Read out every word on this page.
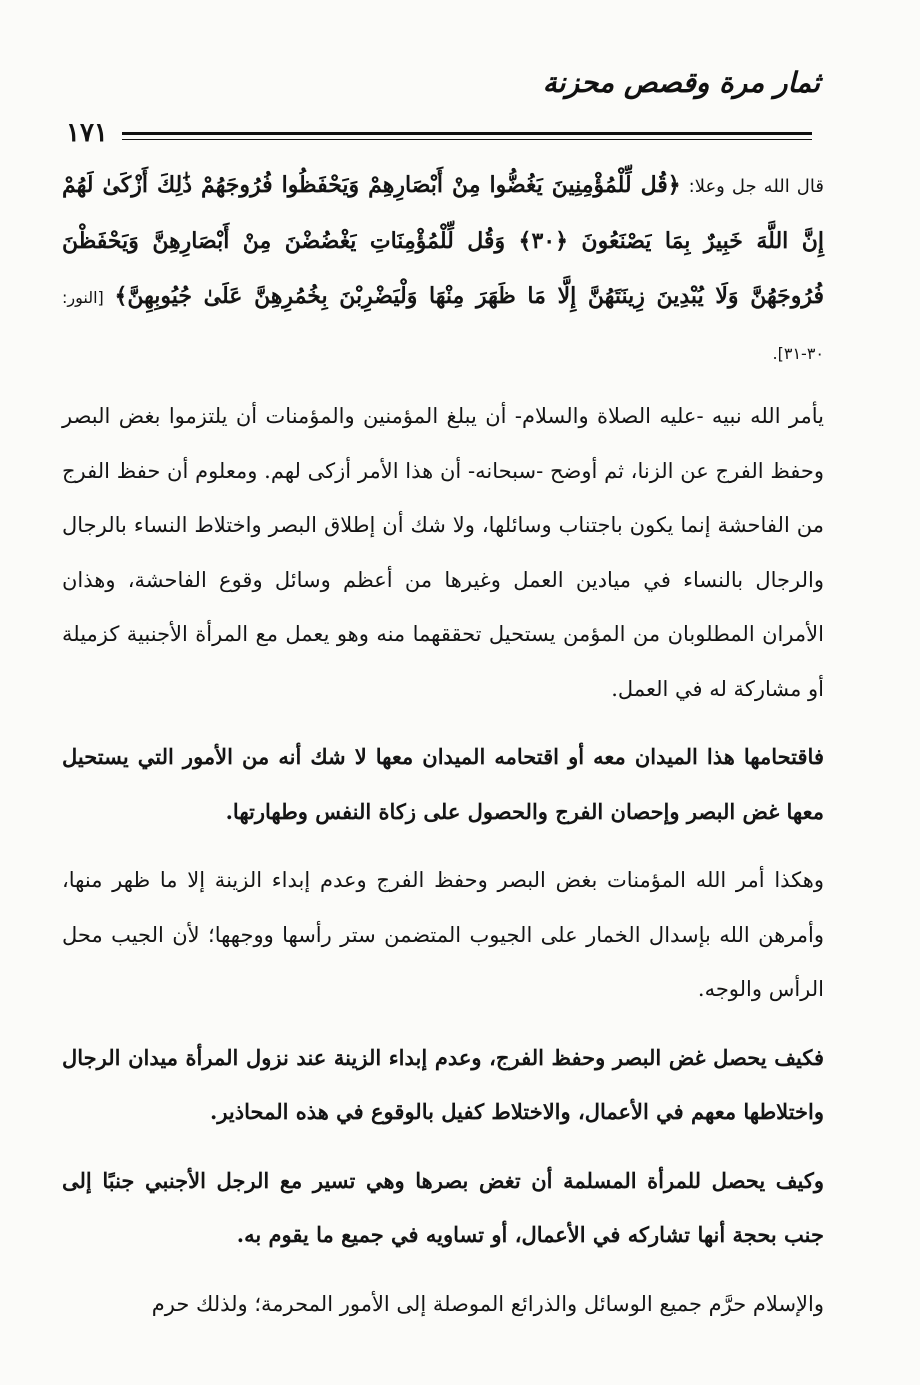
ثمار مرة وقصص محزنة
١٧١

قال الله جل وعلا: ﴿قُل لِّلْمُؤْمِنِينَ يَغُضُّوا مِنْ أَبْصَارِهِمْ وَيَحْفَظُوا فُرُوجَهُمْ ذَٰلِكَ أَزْكَىٰ لَهُمْ إِنَّ اللَّهَ خَبِيرٌ بِمَا يَصْنَعُونَ ﴿٣٠﴾ وَقُل لِّلْمُؤْمِنَاتِ يَغْضُضْنَ مِنْ أَبْصَارِهِنَّ وَيَحْفَظْنَ فُرُوجَهُنَّ وَلَا يُبْدِينَ زِينَتَهُنَّ إِلَّا مَا ظَهَرَ مِنْهَا وَلْيَضْرِبْنَ بِخُمُرِهِنَّ عَلَىٰ جُيُوبِهِنَّ﴾ [النور: ٣٠-٣١].

يأمر الله نبيه -عليه الصلاة والسلام- أن يبلغ المؤمنين والمؤمنات أن يلتزموا بغض البصر وحفظ الفرج عن الزنا، ثم أوضح -سبحانه- أن هذا الأمر أزكى لهم. ومعلوم أن حفظ الفرج من الفاحشة إنما يكون باجتناب وسائلها، ولا شك أن إطلاق البصر واختلاط النساء بالرجال والرجال بالنساء في ميادين العمل وغيرها من أعظم وسائل وقوع الفاحشة، وهذان الأمران المطلوبان من المؤمن يستحيل تحققهما منه وهو يعمل مع المرأة الأجنبية كزميلة أو مشاركة له في العمل.

فاقتحامها هذا الميدان معه أو اقتحامه الميدان معها لا شك أنه من الأمور التي يستحيل معها غض البصر وإحصان الفرج والحصول على زكاة النفس وطهارتها.

وهكذا أمر الله المؤمنات بغض البصر وحفظ الفرج وعدم إبداء الزينة إلا ما ظهر منها، وأمرهن الله بإسدال الخمار على الجيوب المتضمن ستر رأسها ووجهها؛ لأن الجيب محل الرأس والوجه.

فكيف يحصل غض البصر وحفظ الفرج، وعدم إبداء الزينة عند نزول المرأة ميدان الرجال واختلاطها معهم في الأعمال، والاختلاط كفيل بالوقوع في هذه المحاذير.

وكيف يحصل للمرأة المسلمة أن تغض بصرها وهي تسير مع الرجل الأجنبي جنبًا إلى جنب بحجة أنها تشاركه في الأعمال، أو تساويه في جميع ما يقوم به.

والإسلام حرَّم جميع الوسائل والذرائع الموصلة إلى الأمور المحرمة؛ ولذلك حرم
